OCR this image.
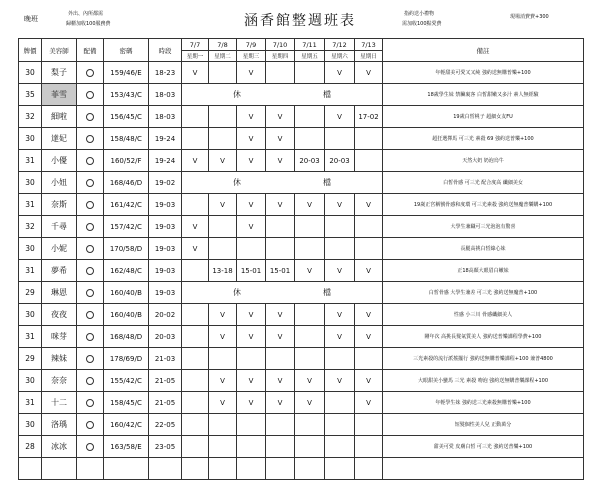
晚班
外出、內所都需
歸櫃加收100服務費	涵香館整週班表	指約送小禮物
需加收100點愛費
現場消費費+300
牌價	美容師	配備	密碼	時段	7/7	7/8	7/9	7/10	7/11	7/12	7/13	備註
					星期一	星期二	星期三	星期四	星期五	星期六	星期日	
30	梨子		159/46/E	18-23	V		V			V	V	年輕甜美可愛又又純 強約送無購普樂+100
35	菲雪		153/43/C	18-03	休 檔							18歲學生妹 禁臟裏客 白皙甜嫩又多汁 素人無經驗
32	細啦		156/45/C	18-03			V	V		V	17-02	19歲白皙桃子 超細女友FU
30	達妃		158/48/C	19-24			V	V				超狂選擇馬 可三光 素殺 69 強約送普樂+100
31	小優		160/52/F	19-24	V	V	V	V	20-03	20-03		天然大奶 奶泡烏牛
30	小妞		168/46/D	19-02	休 檔							白皙骨感 可三光 配合度高 纖細美女
31	奈斯		161/42/C	19-03		V	V	V	V	V	V	19歲正宮稱號骨感和度環 可三光素殺 強約送無魔普樂購+100
32	千尋		157/42/C	19-03	V		V					大學生兼職可三光泡泡有驚喜
30	小妮		170/58/D	19-03	V							長腿高挑白皙綠心妹
31	夢希		162/48/C	19-03		13-18	15-01	15-01	V	V	V	正18高顏大眼眉白嫩妹
29	琳恩		160/40/B	19-03	休 檔							白皙骨感 大學生兼差 可三光 強約送無魔普+100
30	夜夜		160/40/B	20-02		V	V	V		V	V	性感 小三川 骨感纖細美人
31	咪芽		168/48/D	20-03		V	V	V		V	V	剛年次 高挑長髮氣質美人 強約送普樂課程學費+100
29	辣妹		178/69/D	21-03								三光素殺的流行派搖擺行 強約送無購普樂課程+100 兼普4800
30	奈奈		155/42/C	21-05		V	V	V	V	V	V	大眼甜美小蠻馬 三光 素殺 吻泡 強約送無購普樂課程+100
31	十二		158/45/C	21-05		V	V	V	V		V	年輕學生妹 強約送三光素殺無購普樂+100
30	洛瑀		160/42/C	22-05								短髮個性美人兒 正動萬分
28	冰冰		163/58/E	23-05								甜美可愛 皮膚白皙 可三光 強約送普樂+100
